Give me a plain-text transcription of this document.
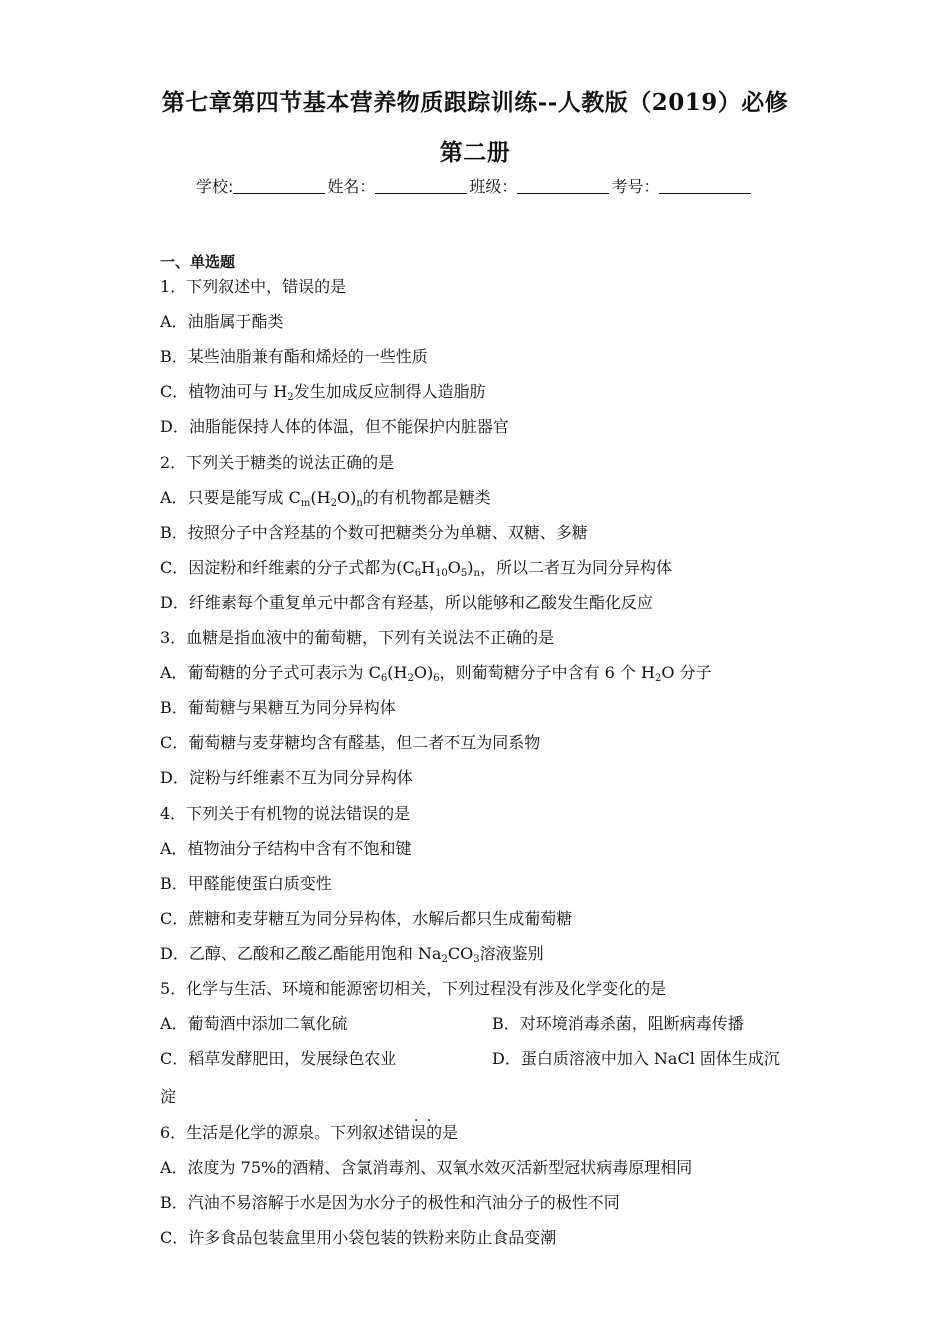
第七章第四节基本营养物质跟踪训练--人教版（2019）必修
第二册
学校:	姓名：	班级：	考号：
一、单选题
1．下列叙述中，错误的是
A．油脂属于酯类
B．某些油脂兼有酯和烯烃的一些性质
C．植物油可与 $H_2$发生加成反应制得人造脂肪
D．油脂能保持人体的体温，但不能保护内脏器官
2．下列关于糖类的说法正确的是
A．只要是能写成 $C_m(H_2O)_n$的有机物都是糖类
B．按照分子中含羟基的个数可把糖类分为单糖、双糖、多糖
C．因淀粉和纤维素的分子式都为$(C_6H_{10}O_5)_n$，所以二者互为同分异构体
D．纤维素每个重复单元中都含有羟基，所以能够和乙酸发生酯化反应
3．血糖是指血液中的葡萄糖，下列有关说法不正确的是
A．葡萄糖的分子式可表示为 $C_6(H_2O)_6$，则葡萄糖分子中含有 6 个 $H_2O$ 分子
B．葡萄糖与果糖互为同分异构体
C．葡萄糖与麦芽糖均含有醛基，但二者不互为同系物
D．淀粉与纤维素不互为同分异构体
4．下列关于有机物的说法错误的是
A．植物油分子结构中含有不饱和键
B．甲醛能使蛋白质变性
C．蔗糖和麦芽糖互为同分异构体，水解后都只生成葡萄糖
D．乙醇、乙酸和乙酸乙酯能用饱和 $Na_2CO_3$溶液鉴别
5．化学与生活、环境和能源密切相关，下列过程没有涉及化学变化的是
A．葡萄酒中添加二氧化硫	B．对环境消毒杀菌，阻断病毒传播
C．稻草发酵肥田，发展绿色农业	D．蛋白质溶液中加入 NaCl 固体生成沉
淀
．．
6．生活是化学的源泉。下列叙述错误的是
A．浓度为 75%的酒精、含氯消毒剂、双氧水效灭活新型冠状病毒原理相同
B．汽油不易溶解于水是因为水分子的极性和汽油分子的极性不同
C．许多食品包装盒里用小袋包装的铁粉来防止食品变潮
